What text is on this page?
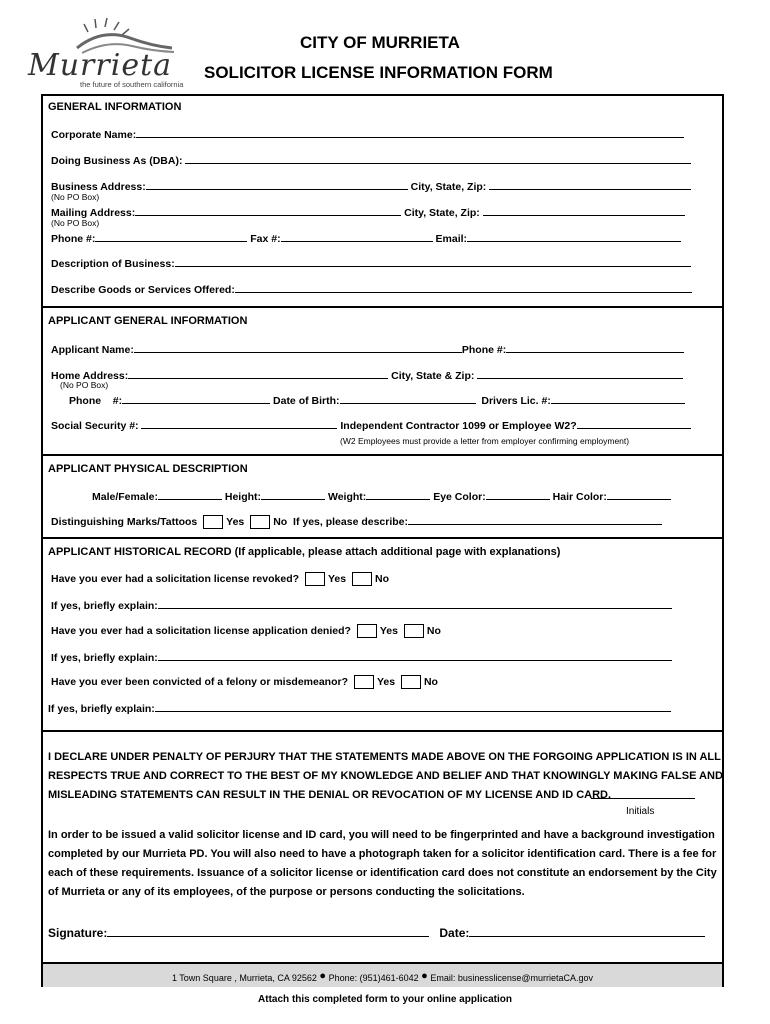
Murrieta
the future of southern california
CITY OF MURRIETA
SOLICITOR LICENSE INFORMATION FORM
GENERAL INFORMATION
Corporate Name:
Doing Business As (DBA):
Business Address:	City, State, Zip:
(No PO Box)
Mailing Address:	City, State, Zip:
(No PO Box)
Phone #:	Fax #:	Email:
Description of Business:
Describe Goods or Services Offered:
APPLICANT GENERAL INFORMATION
Applicant Name:	Phone #:
Home Address:	City, State & Zip:
(No PO Box)
Phone    #:	Date of Birth:	Drivers Lic. #:
Social Security #:	Independent Contractor 1099 or Employee W2?
(W2 Employees must provide a letter from employer confirming employment)
APPLICANT PHYSICAL DESCRIPTION
Male/Female:	Height:	Weight:	Eye Color:	Hair Color:
Distinguishing Marks/Tattoos	Yes	No If yes, please describe:
APPLICANT HISTORICAL RECORD (If applicable, please attach additional page with explanations)
Have you ever had a solicitation license revoked?	Yes	No
If yes, briefly explain:
Have you ever had a solicitation license application denied?	Yes	No
If yes, briefly explain:
Have you ever been convicted of a felony or misdemeanor?	Yes	No
If yes, briefly explain:
I DECLARE UNDER PENALTY OF PERJURY THAT THE STATEMENTS MADE ABOVE ON THE FORGOING APPLICATION IS IN ALL
RESPECTS TRUE AND CORRECT TO THE BEST OF MY KNOWLEDGE AND BELIEF AND THAT KNOWINGLY MAKING FALSE AND
MISLEADING STATEMENTS CAN RESULT IN THE DENIAL OR REVOCATION OF MY LICENSE AND ID CARD.
Initials
In order to be issued a valid solicitor license and ID card, you will need to be fingerprinted and have a background investigation
completed by our Murrieta PD. You will also need to have a photograph taken for a solicitor identification card. There is a fee for
each of these requirements. Issuance of a solicitor license or identification card does not constitute an endorsement by the City
of Murrieta or any of its employees, of the purpose or persons conducting the solicitations.
Signature:	Date:
1 Town Square , Murrieta, CA 92562 ● Phone: (951)461-6042 ● Email: businesslicense@murrietaCA.gov
Attach this completed form to your online application
